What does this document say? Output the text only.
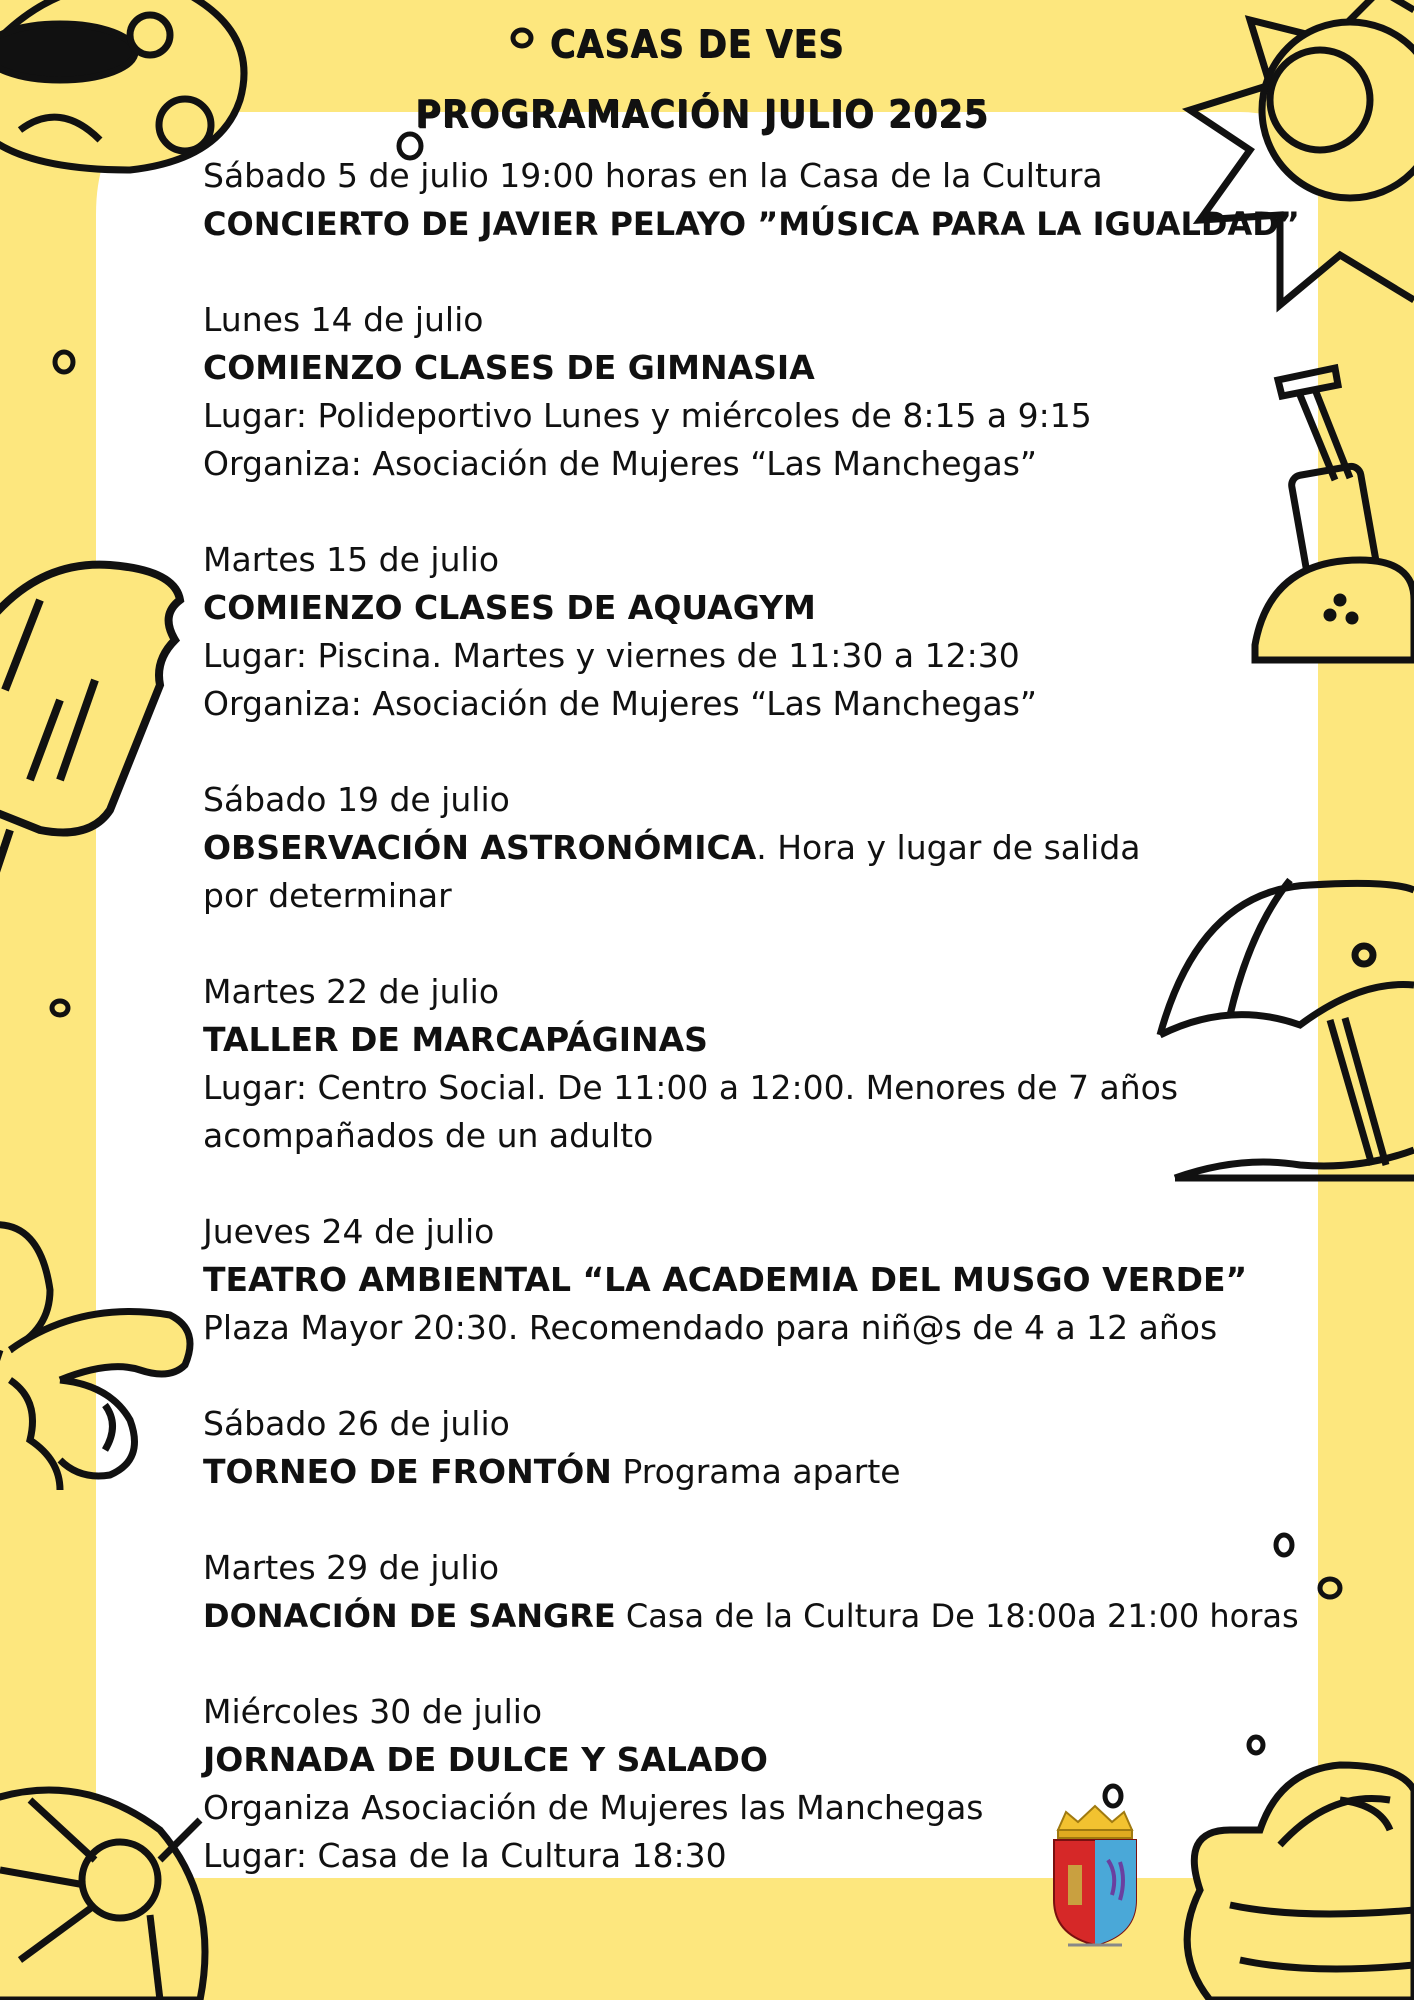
CASAS DE VES
PROGRAMACIÓN JULIO 2025
Sábado 5 de julio 19:00 horas en la Casa de la Cultura
CONCIERTO DE JAVIER PELAYO ”MÚSICA PARA LA IGUALDAD”
Lunes 14 de julio
COMIENZO CLASES DE GIMNASIA
Lugar: Polideportivo Lunes y miércoles de 8:15 a 9:15
Organiza: Asociación de Mujeres “Las Manchegas”
Martes 15 de julio
COMIENZO CLASES DE AQUAGYM
Lugar: Piscina. Martes y viernes de 11:30 a 12:30
Organiza: Asociación de Mujeres “Las Manchegas”
Sábado 19 de julio
OBSERVACIÓN ASTRONÓMICA. Hora y lugar de salida por determinar
Martes 22 de julio
TALLER DE MARCAPÁGINAS
Lugar: Centro Social. De 11:00 a 12:00. Menores de 7 años acompañados de un adulto
Jueves 24 de julio
TEATRO AMBIENTAL “LA ACADEMIA DEL MUSGO VERDE”
Plaza Mayor 20:30. Recomendado para niñ@s de 4 a 12 años
Sábado 26 de julio
TORNEO DE FRONTÓN Programa aparte
Martes 29 de julio
DONACIÓN DE SANGRE Casa de la Cultura De 18:00a 21:00 horas
Miércoles 30 de julio
JORNADA DE DULCE Y SALADO
Organiza Asociación de Mujeres las Manchegas
Lugar: Casa de la Cultura 18:30
